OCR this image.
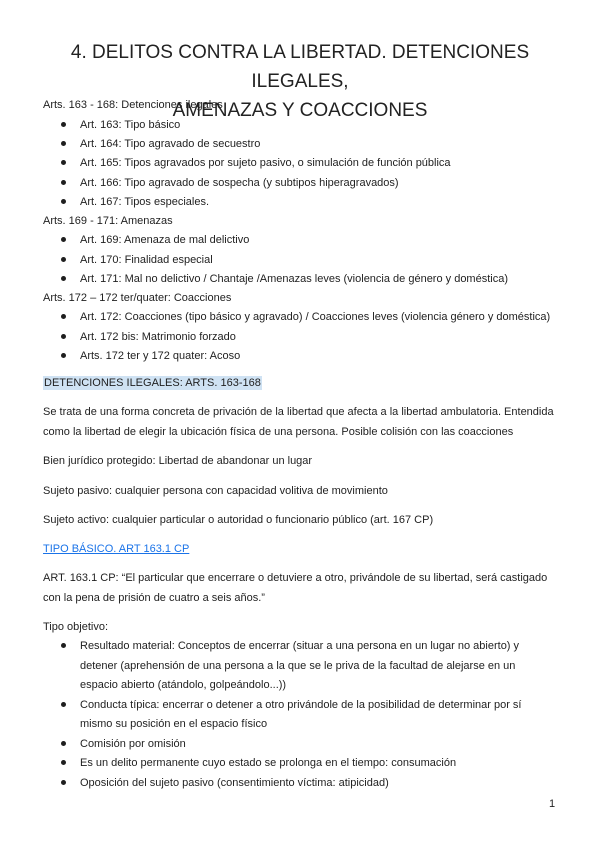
4. DELITOS CONTRA LA LIBERTAD. DETENCIONES ILEGALES,
AMENAZAS Y COACCIONES

Arts. 163 - 168: Detenciones ilegales

Art. 163: Tipo básico

Art. 164: Tipo agravado de secuestro

Art. 165: Tipos agravados por sujeto pasivo, o simulación de función pública

Art. 166: Tipo agravado de sospecha (y subtipos hiperagravados)

Art. 167: Tipos especiales.

Arts. 169 - 171: Amenazas

Art. 169: Amenaza de mal delictivo

Art. 170: Finalidad especial

Art. 171: Mal no delictivo / Chantaje /Amenazas leves (violencia de género y doméstica)

Arts. 172 – 172 ter/quater: Coacciones

Art. 172: Coacciones (tipo básico y agravado) / Coacciones leves (violencia género y doméstica)

Art. 172 bis: Matrimonio forzado

Arts. 172 ter y 172 quater: Acoso

DETENCIONES ILEGALES: ARTS. 163-168

Se trata de una forma concreta de privación de la libertad que afecta a la libertad ambulatoria. Entendida

como la libertad de elegir la ubicación física de una persona. Posible colisión con las coacciones

Bien jurídico protegido: Libertad de abandonar un lugar

Sujeto pasivo: cualquier persona con capacidad volitiva de movimiento

Sujeto activo: cualquier particular o autoridad o funcionario público (art. 167 CP)

TIPO BÁSICO. ART 163.1 CP

ART. 163.1 CP: “El particular que encerrare o detuviere a otro, privándole de su libertad, será castigado

con la pena de prisión de cuatro a seis años.”

Tipo objetivo:

Resultado material: Conceptos de encerrar (situar a una persona en un lugar no abierto) y

detener (aprehensión de una persona a la que se le priva de la facultad de alejarse en un

espacio abierto (atándolo, golpeándolo...))

Conducta típica: encerrar o detener a otro privándole de la posibilidad de determinar por sí

mismo su posición en el espacio físico

Comisión por omisión

Es un delito permanente cuyo estado se prolonga en el tiempo: consumación

Oposición del sujeto pasivo (consentimiento víctima: atipicidad)

1
